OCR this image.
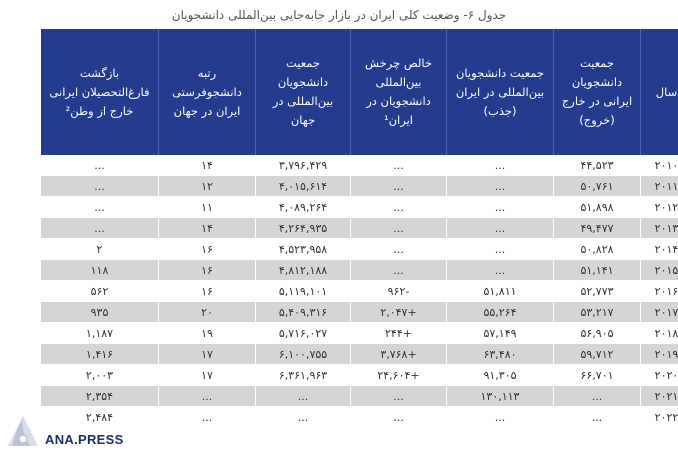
جدول ۶- وضعیت کلی ایران در بازار جابه‌جایی بین‌المللی دانشجویان
سال	جمعیت دانشجویان ایرانی در خارج (خروج)	جمعیت دانشجویان بین‌المللی در ایران (جذب)	خالص چرخش بین‌المللی دانشجویان در ایران¹	جمعیت دانشجویان بین‌المللی در جهان	رتبه دانشجوفرستی ایران در جهان	بازگشت فارغ‌التحصیلان ایرانی خارج از وطن²
۲۰۱۰	۴۴,۵۲۳	...	...	۳,۷۹۶,۴۲۹	۱۴	...
۲۰۱۱	۵۰,۷۶۱	...	...	۴,۰۱۵,۶۱۴	۱۲	...
۲۰۱۲	۵۱,۸۹۸	...	...	۴,۰۸۹,۲۶۴	۱۱	...
۲۰۱۳	۴۹,۴۷۷	...	...	۴,۲۶۴,۹۳۵	۱۴	...
۲۰۱۴	۵۰,۸۲۸	...	...	۴,۵۲۳,۹۵۸	۱۶	۲
۲۰۱۵	۵۱,۱۴۱	...	...	۴,۸۱۲,۱۸۸	۱۶	۱۱۸
۲۰۱۶	۵۲,۷۷۳	۵۱,۸۱۱	-۹۶۲	۵,۱۱۹,۱۰۱	۱۶	۵۶۲
۲۰۱۷	۵۳,۲۱۷	۵۵,۲۶۴	+۲,۰۴۷	۵,۴۰۹,۳۱۶	۲۰	۹۳۵
۲۰۱۸	۵۶,۹۰۵	۵۷,۱۴۹	+۲۴۴	۵,۷۱۶,۰۲۷	۱۹	۱,۱۸۷
۲۰۱۹	۵۹,۷۱۲	۶۳,۴۸۰	+۳,۷۶۸	۶,۱۰۰,۷۵۵	۱۷	۱,۴۱۶
۲۰۲۰	۶۶,۷۰۱	۹۱,۳۰۵	+۲۴,۶۰۴	۶,۳۶۱,۹۶۳	۱۷	۲,۰۰۳
۲۰۲۱	...	۱۳۰,۱۱۳	...	...	...	۲,۳۵۴
۲۰۲۲	...	...	...	...	...	۲,۴۸۴
ANA.PRESS
